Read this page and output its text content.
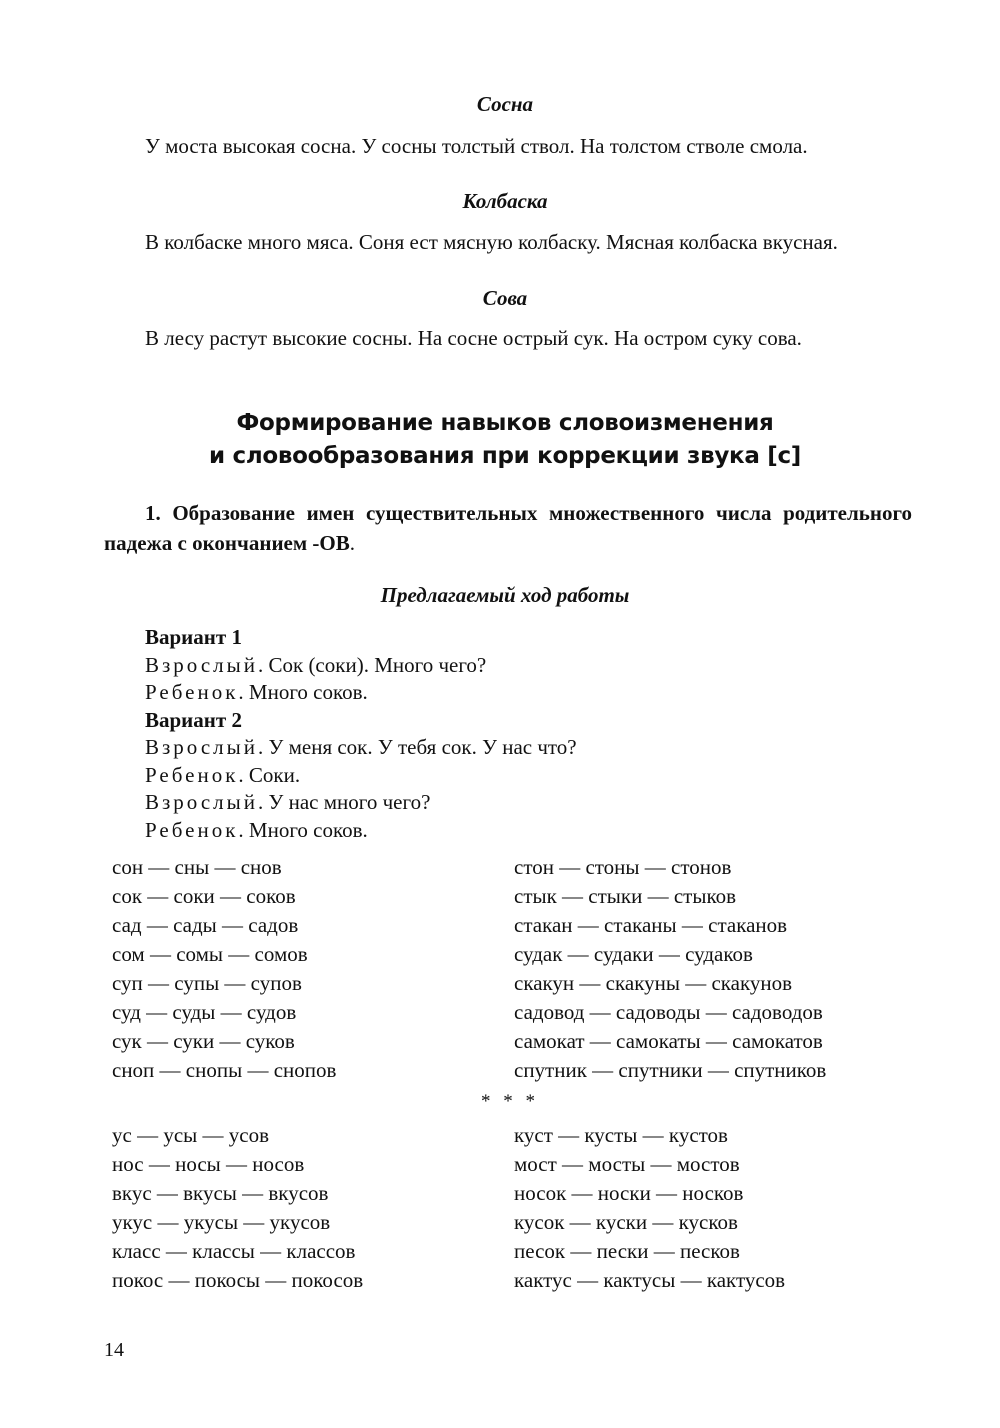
Сосна
У моста высокая сосна. У сосны толстый ствол. На толстом стволе смола.
Колбаска
В колбаске много мяса. Соня ест мясную колбаску. Мясная колбаска вкусная.
Сова
В лесу растут высокие сосны. На сосне острый сук. На остром суку сова.
Формирование навыков словоизменения
и словообразования при коррекции звука [с]
1. Образование имен существительных множественного числа родительного падежа с окончанием -ОВ.
Предлагаемый ход работы
Вариант 1
Взрослый. Сок (соки). Много чего?
Ребенок. Много соков.
Вариант 2
Взрослый. У меня сок. У тебя сок. У нас что?
Ребенок. Соки.
Взрослый. У нас много чего?
Ребенок. Много соков.
сон — сны — снов
сок — соки — соков
сад — сады — садов
сом — сомы — сомов
суп — супы — супов
суд — суды — судов
сук — суки — суков
сноп — снопы — снопов
стон — стоны — стонов
стык — стыки — стыков
стакан — стаканы — стаканов
судак — судаки — судаков
скакун — скакуны — скакунов
садовод — садоводы — садоводов
самокат — самокаты — самокатов
спутник — спутники — спутников
* * *
ус — усы — усов
нос — носы — носов
вкус — вкусы — вкусов
укус — укусы — укусов
класс — классы — классов
покос — покосы — покосов
куст — кусты — кустов
мост — мосты — мостов
носок — носки — носков
кусок — куски — кусков
песок — пески — песков
кактус — кактусы — кактусов
14
